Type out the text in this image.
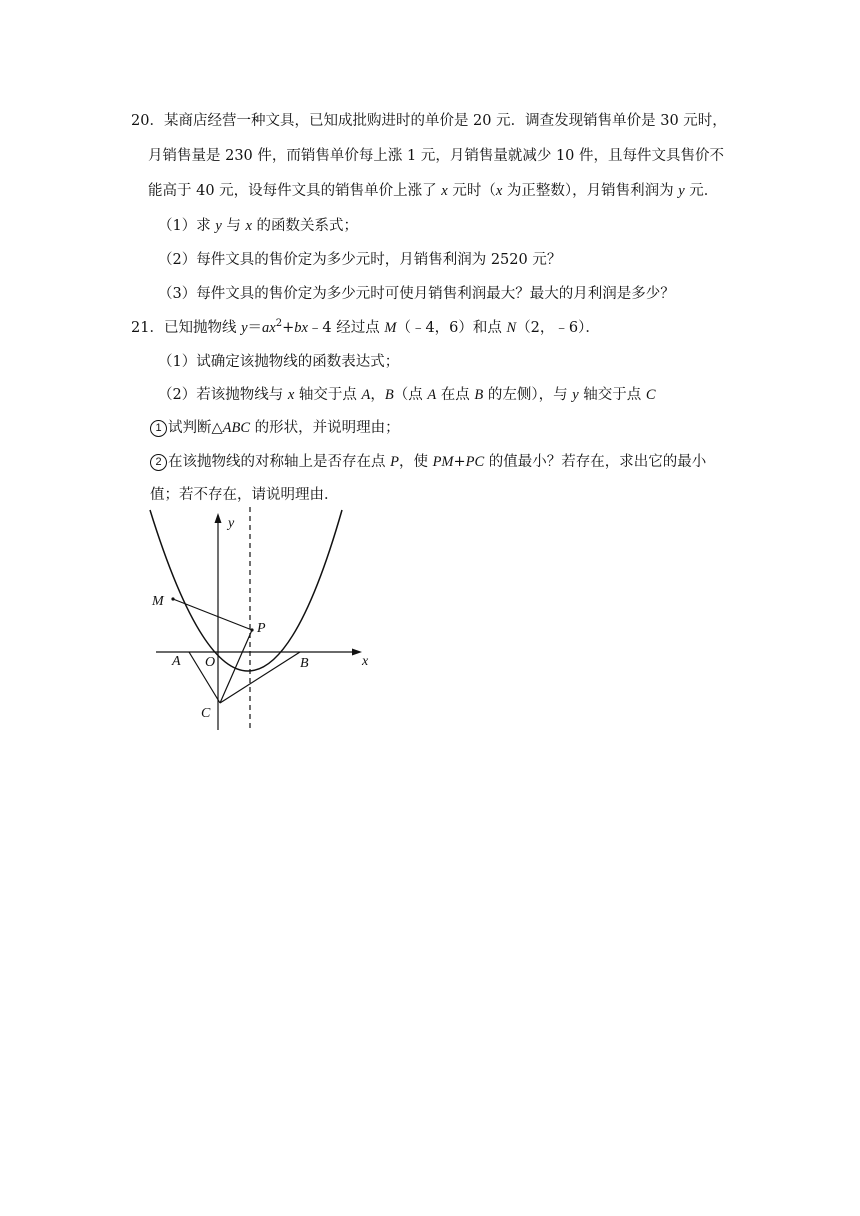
20．某商店经营一种文具，已知成批购进时的单价是 20 元．调查发现销售单价是 30 元时，
月销售量是 230 件，而销售单价每上涨 1 元，月销售量就减少 10 件，且每件文具售价不
能高于 40 元，设每件文具的销售单价上涨了 x 元时（x 为正整数），月销售利润为 y 元．
（1）求 y 与 x 的函数关系式；
（2）每件文具的售价定为多少元时，月销售利润为 2520 元？
（3）每件文具的售价定为多少元时可使月销售利润最大？最大的月利润是多少？
21．已知抛物线 $y=ax^2+bx﹣4$ 经过点 M（﹣4，6）和点 N（2，﹣6）．
（1）试确定该抛物线的函数表达式；
（2）若该抛物线与 x 轴交于点 A，B（点 A 在点 B 的左侧），与 y 轴交于点 C
1 试判断△ABC 的形状，并说明理由；
2 在该抛物线的对称轴上是否存在点 P，使 PM+PC 的值最小？若存在，求出它的最小
值；若不存在，请说明理由．
y
x
M
P
A O	B
C
